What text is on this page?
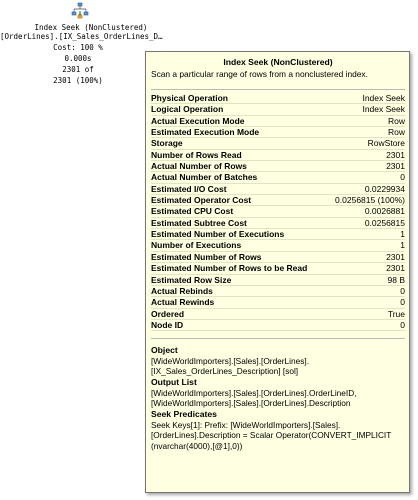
Index Seek (NonClustered)
[OrderLines].[IX_Sales_OrderLines_D…
Cost: 100 %
0.000s
2301 of
2301 (100%)
Index Seek (NonClustered)
Scan a particular range of rows from a nonclustered index.
Physical Operation	Index Seek
Logical Operation	Index Seek
Actual Execution Mode	Row
Estimated Execution Mode	Row
Storage	RowStore
Number of Rows Read	2301
Actual Number of Rows	2301
Actual Number of Batches	0
Estimated I/O Cost	0.0229934
Estimated Operator Cost	0.0256815 (100%)
Estimated CPU Cost	0.0026881
Estimated Subtree Cost	0.0256815
Estimated Number of Executions	1
Number of Executions	1
Estimated Number of Rows	2301
Estimated Number of Rows to be Read	2301
Estimated Row Size	98 B
Actual Rebinds	0
Actual Rewinds	0
Ordered	True
Node ID	0
Object
[WideWorldImporters].[Sales].[OrderLines].
[IX_Sales_OrderLines_Description] [sol]
Output List
[WideWorldImporters].[Sales].[OrderLines].OrderLineID,
[WideWorldImporters].[Sales].[OrderLines].Description
Seek Predicates
Seek Keys[1]: Prefix: [WideWorldImporters].[Sales].
[OrderLines].Description = Scalar Operator(CONVERT_IMPLICIT
(nvarchar(4000),[@1],0))
